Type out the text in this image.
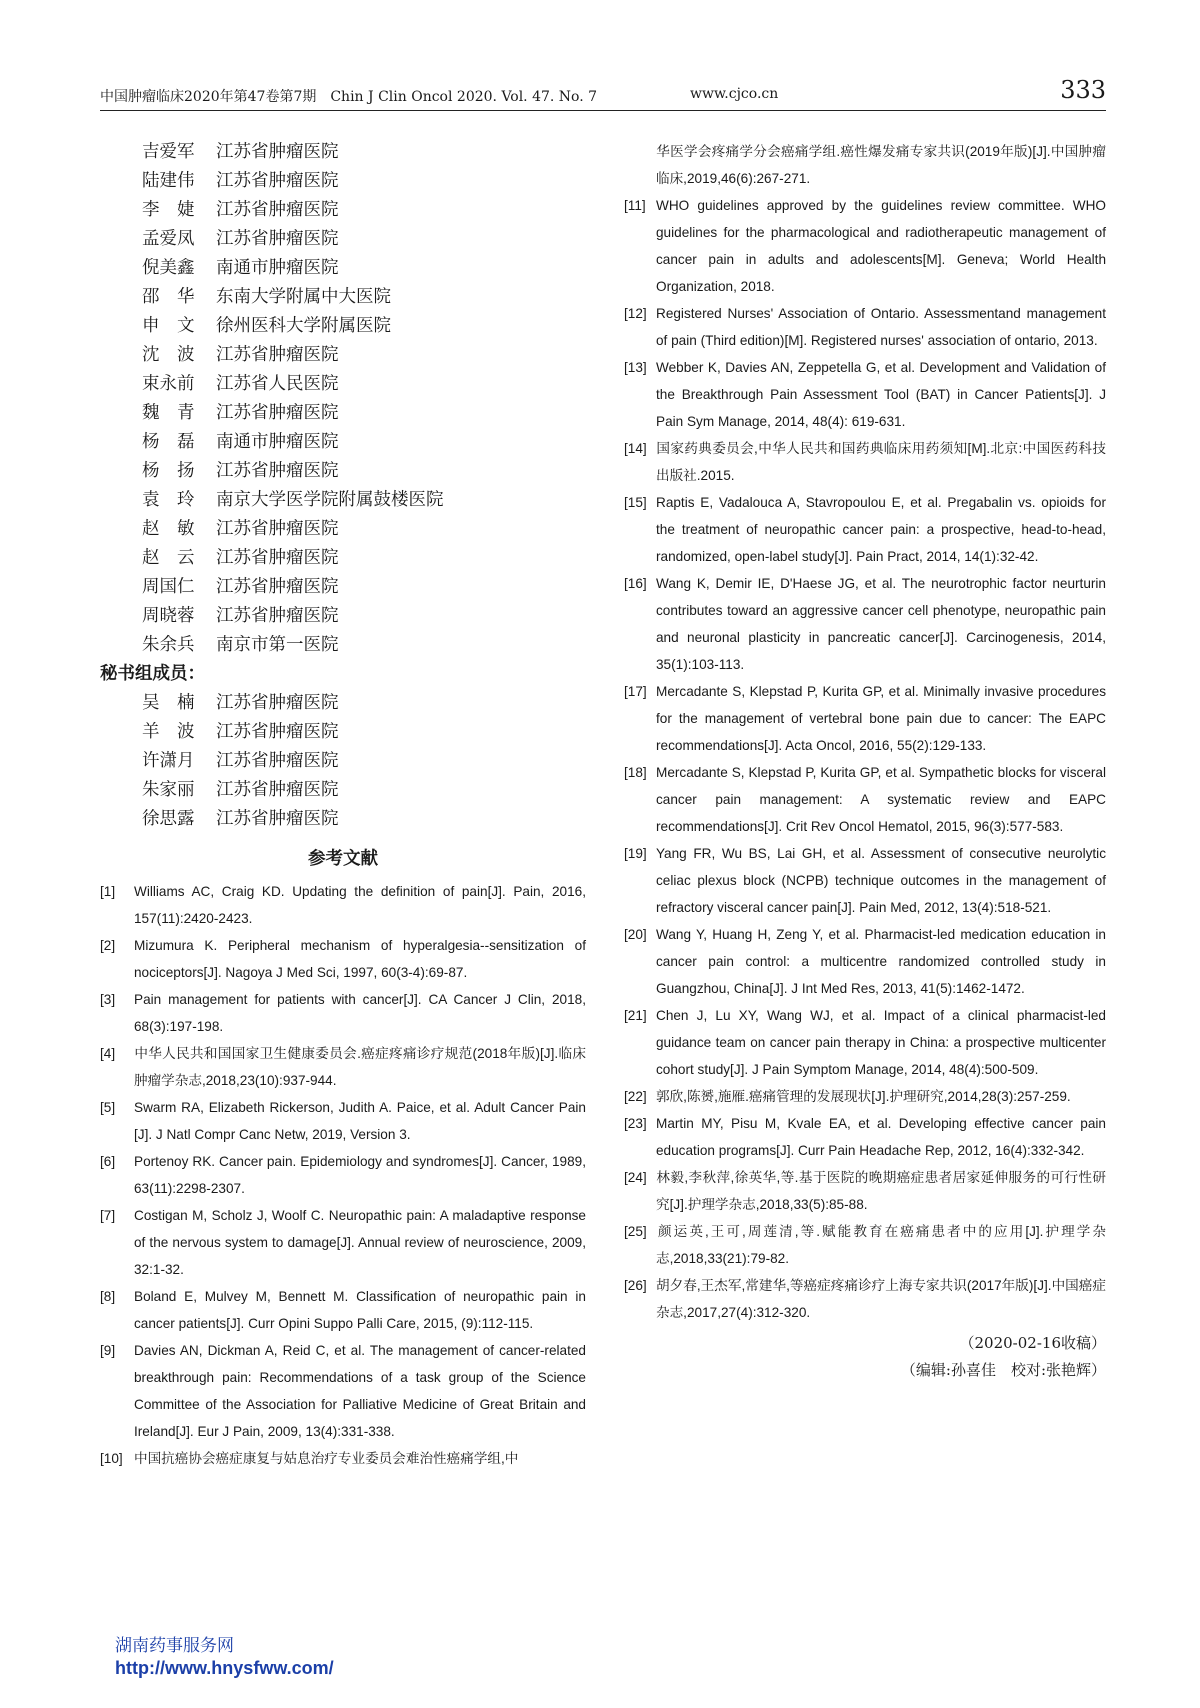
中国肿瘤临床2020年第47卷第7期　Chin J Clin Oncol 2020. Vol. 47. No. 7	www.cjco.cn	333
吉爱军 江苏省肿瘤医院
陆建伟 江苏省肿瘤医院
李　婕 江苏省肿瘤医院
孟爱凤 江苏省肿瘤医院
倪美鑫 南通市肿瘤医院
邵　华 东南大学附属中大医院
申　文 徐州医科大学附属医院
沈　波 江苏省肿瘤医院
束永前 江苏省人民医院
魏　青 江苏省肿瘤医院
杨　磊 南通市肿瘤医院
杨　扬 江苏省肿瘤医院
袁　玲 南京大学医学院附属鼓楼医院
赵　敏 江苏省肿瘤医院
赵　云 江苏省肿瘤医院
周国仁 江苏省肿瘤医院
周晓蓉 江苏省肿瘤医院
朱余兵 南京市第一医院
秘书组成员：
吴　楠 江苏省肿瘤医院
羊　波 江苏省肿瘤医院
许潇月 江苏省肿瘤医院
朱家丽 江苏省肿瘤医院
徐思露 江苏省肿瘤医院
参考文献
[1] Williams AC, Craig KD. Updating the definition of pain[J]. Pain, 2016, 157(11):2420-2423.
[2] Mizumura K. Peripheral mechanism of hyperalgesia--sensitization of nociceptors[J]. Nagoya J Med Sci, 1997, 60(3-4):69-87.
[3] Pain management for patients with cancer[J]. CA Cancer J Clin, 2018, 68(3):197-198.
[4] 中华人民共和国国家卫生健康委员会.癌症疼痛诊疗规范(2018年版)[J].临床肿瘤学杂志,2018,23(10):937-944.
[5] Swarm RA, Elizabeth Rickerson, Judith A. Paice, et al. Adult Cancer Pain [J]. J Natl Compr Canc Netw, 2019, Version 3.
[6] Portenoy RK. Cancer pain. Epidemiology and syndromes[J]. Cancer, 1989, 63(11):2298-2307.
[7] Costigan M, Scholz J, Woolf C. Neuropathic pain: A maladaptive response of the nervous system to damage[J]. Annual review of neuroscience, 2009, 32:1-32.
[8] Boland E, Mulvey M, Bennett M. Classification of neuropathic pain in cancer patients[J]. Curr Opini Suppo Palli Care, 2015, (9):112-115.
[9] Davies AN, Dickman A, Reid C, et al. The management of cancer-related breakthrough pain: Recommendations of a task group of the Science Committee of the Association for Palliative Medicine of Great Britain and Ireland[J]. Eur J Pain, 2009, 13(4):331-338.
[10] 中国抗癌协会癌症康复与姑息治疗专业委员会难治性癌痛学组,中
华医学会疼痛学分会癌痛学组.癌性爆发痛专家共识(2019年版)[J].中国肿瘤临床,2019,46(6):267-271.
[11] WHO guidelines approved by the guidelines review committee. WHO guidelines for the pharmacological and radiotherapeutic management of cancer pain in adults and adolescents[M]. Geneva; World Health Organization, 2018.
[12] Registered Nurses' Association of Ontario. Assessmentand management of pain (Third edition)[M]. Registered nurses' association of ontario, 2013.
[13] Webber K, Davies AN, Zeppetella G, et al. Development and Validation of the Breakthrough Pain Assessment Tool (BAT) in Cancer Patients[J]. J Pain Sym Manage, 2014, 48(4): 619-631.
[14] 国家药典委员会,中华人民共和国药典临床用药须知[M].北京:中国医药科技出版社.2015.
[15] Raptis E, Vadalouca A, Stavropoulou E, et al. Pregabalin vs. opioids for the treatment of neuropathic cancer pain: a prospective, head-to-head, randomized, open-label study[J]. Pain Pract, 2014, 14(1):32-42.
[16] Wang K, Demir IE, D'Haese JG, et al. The neurotrophic factor neurturin contributes toward an aggressive cancer cell phenotype, neuropathic pain and neuronal plasticity in pancreatic cancer[J]. Carcinogenesis, 2014, 35(1):103-113.
[17] Mercadante S, Klepstad P, Kurita GP, et al. Minimally invasive procedures for the management of vertebral bone pain due to cancer: The EAPC recommendations[J]. Acta Oncol, 2016, 55(2):129-133.
[18] Mercadante S, Klepstad P, Kurita GP, et al. Sympathetic blocks for visceral cancer pain management: A systematic review and EAPC recommendations[J]. Crit Rev Oncol Hematol, 2015, 96(3):577-583.
[19] Yang FR, Wu BS, Lai GH, et al. Assessment of consecutive neurolytic celiac plexus block (NCPB) technique outcomes in the management of refractory visceral cancer pain[J]. Pain Med, 2012, 13(4):518-521.
[20] Wang Y, Huang H, Zeng Y, et al. Pharmacist-led medication education in cancer pain control: a multicentre randomized controlled study in Guangzhou, China[J]. J Int Med Res, 2013, 41(5):1462-1472.
[21] Chen J, Lu XY, Wang WJ, et al. Impact of a clinical pharmacist-led guidance team on cancer pain therapy in China: a prospective multicenter cohort study[J]. J Pain Symptom Manage, 2014, 48(4):500-509.
[22] 郭欣,陈赟,施雁.癌痛管理的发展现状[J].护理研究,2014,28(3):257-259.
[23] Martin MY, Pisu M, Kvale EA, et al. Developing effective cancer pain education programs[J]. Curr Pain Headache Rep, 2012, 16(4):332-342.
[24] 林毅,李秋萍,徐英华,等.基于医院的晚期癌症患者居家延伸服务的可行性研究[J].护理学杂志,2018,33(5):85-88.
[25] 颜运英,王可,周莲清,等.赋能教育在癌痛患者中的应用[J].护理学杂志,2018,33(21):79-82.
[26] 胡夕春,王杰军,常建华,等癌症疼痛诊疗上海专家共识(2017年版)[J].中国癌症杂志,2017,27(4):312-320.
（2020-02-16收稿）
（编辑:孙喜佳　校对:张艳辉）
湖南药事服务网
http://www.hnysfww.com/
